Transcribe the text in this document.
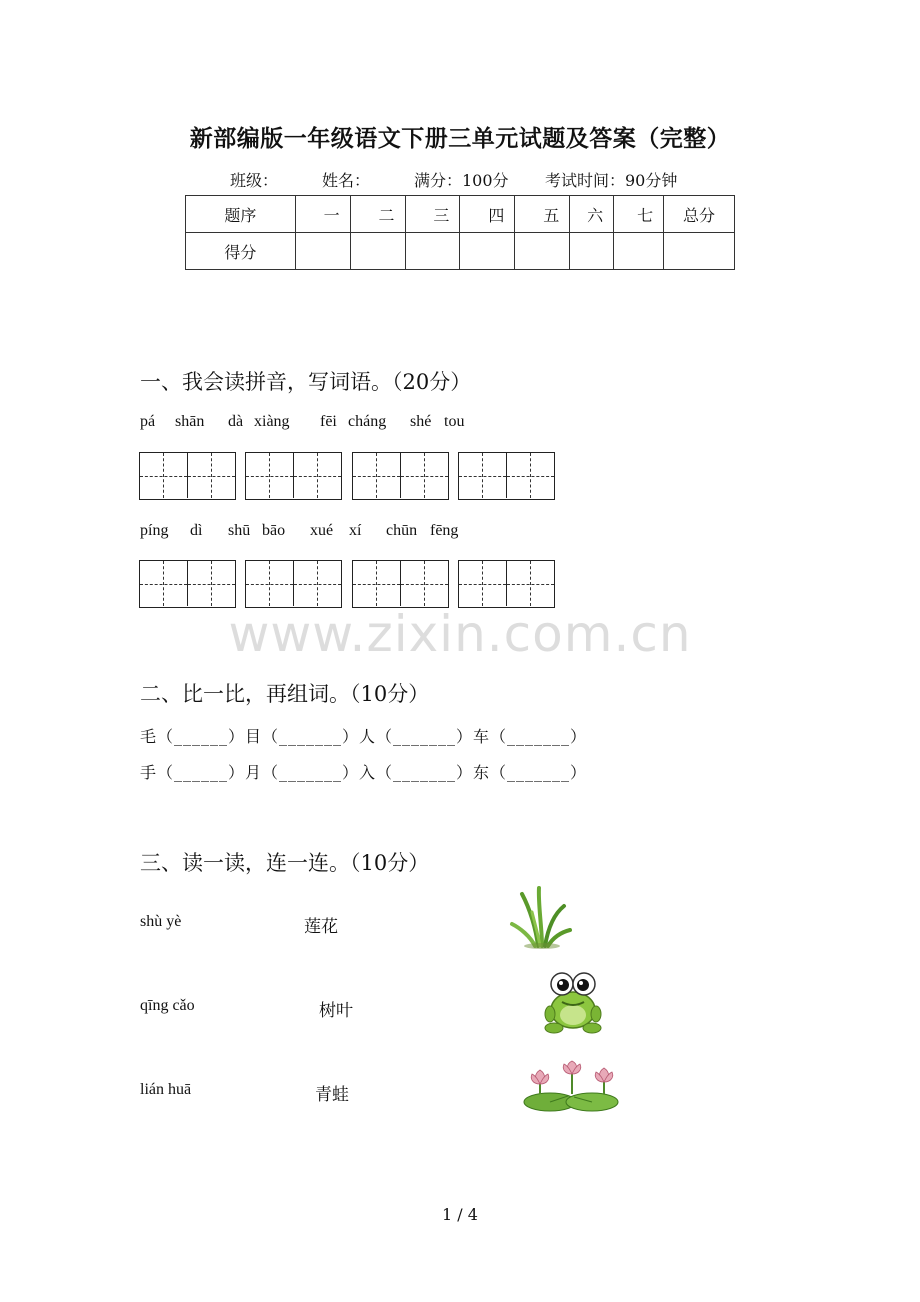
新部编版一年级语文下册三单元试题及答案（完整）
班级：	姓名：	满分：100分 考试时间：90分钟
题序	一	二	三	四	五	六	七	总分
得分								
一、我会读拼音，写词语。（20分）
pá shān dà xiàng fēi cháng shé tou
píng dì shū bāo xué xí chūn fēng
www.zixin.com.cn
二、比一比，再组词。（10分）
毛（______）目（_______）人（_______）车（_______）
手（______）月（_______）入（_______）东（_______）
三、读一读，连一连。（10分）
shù yè
qīng cǎo
lián huā
莲花
树叶
青蛙
1 / 4
